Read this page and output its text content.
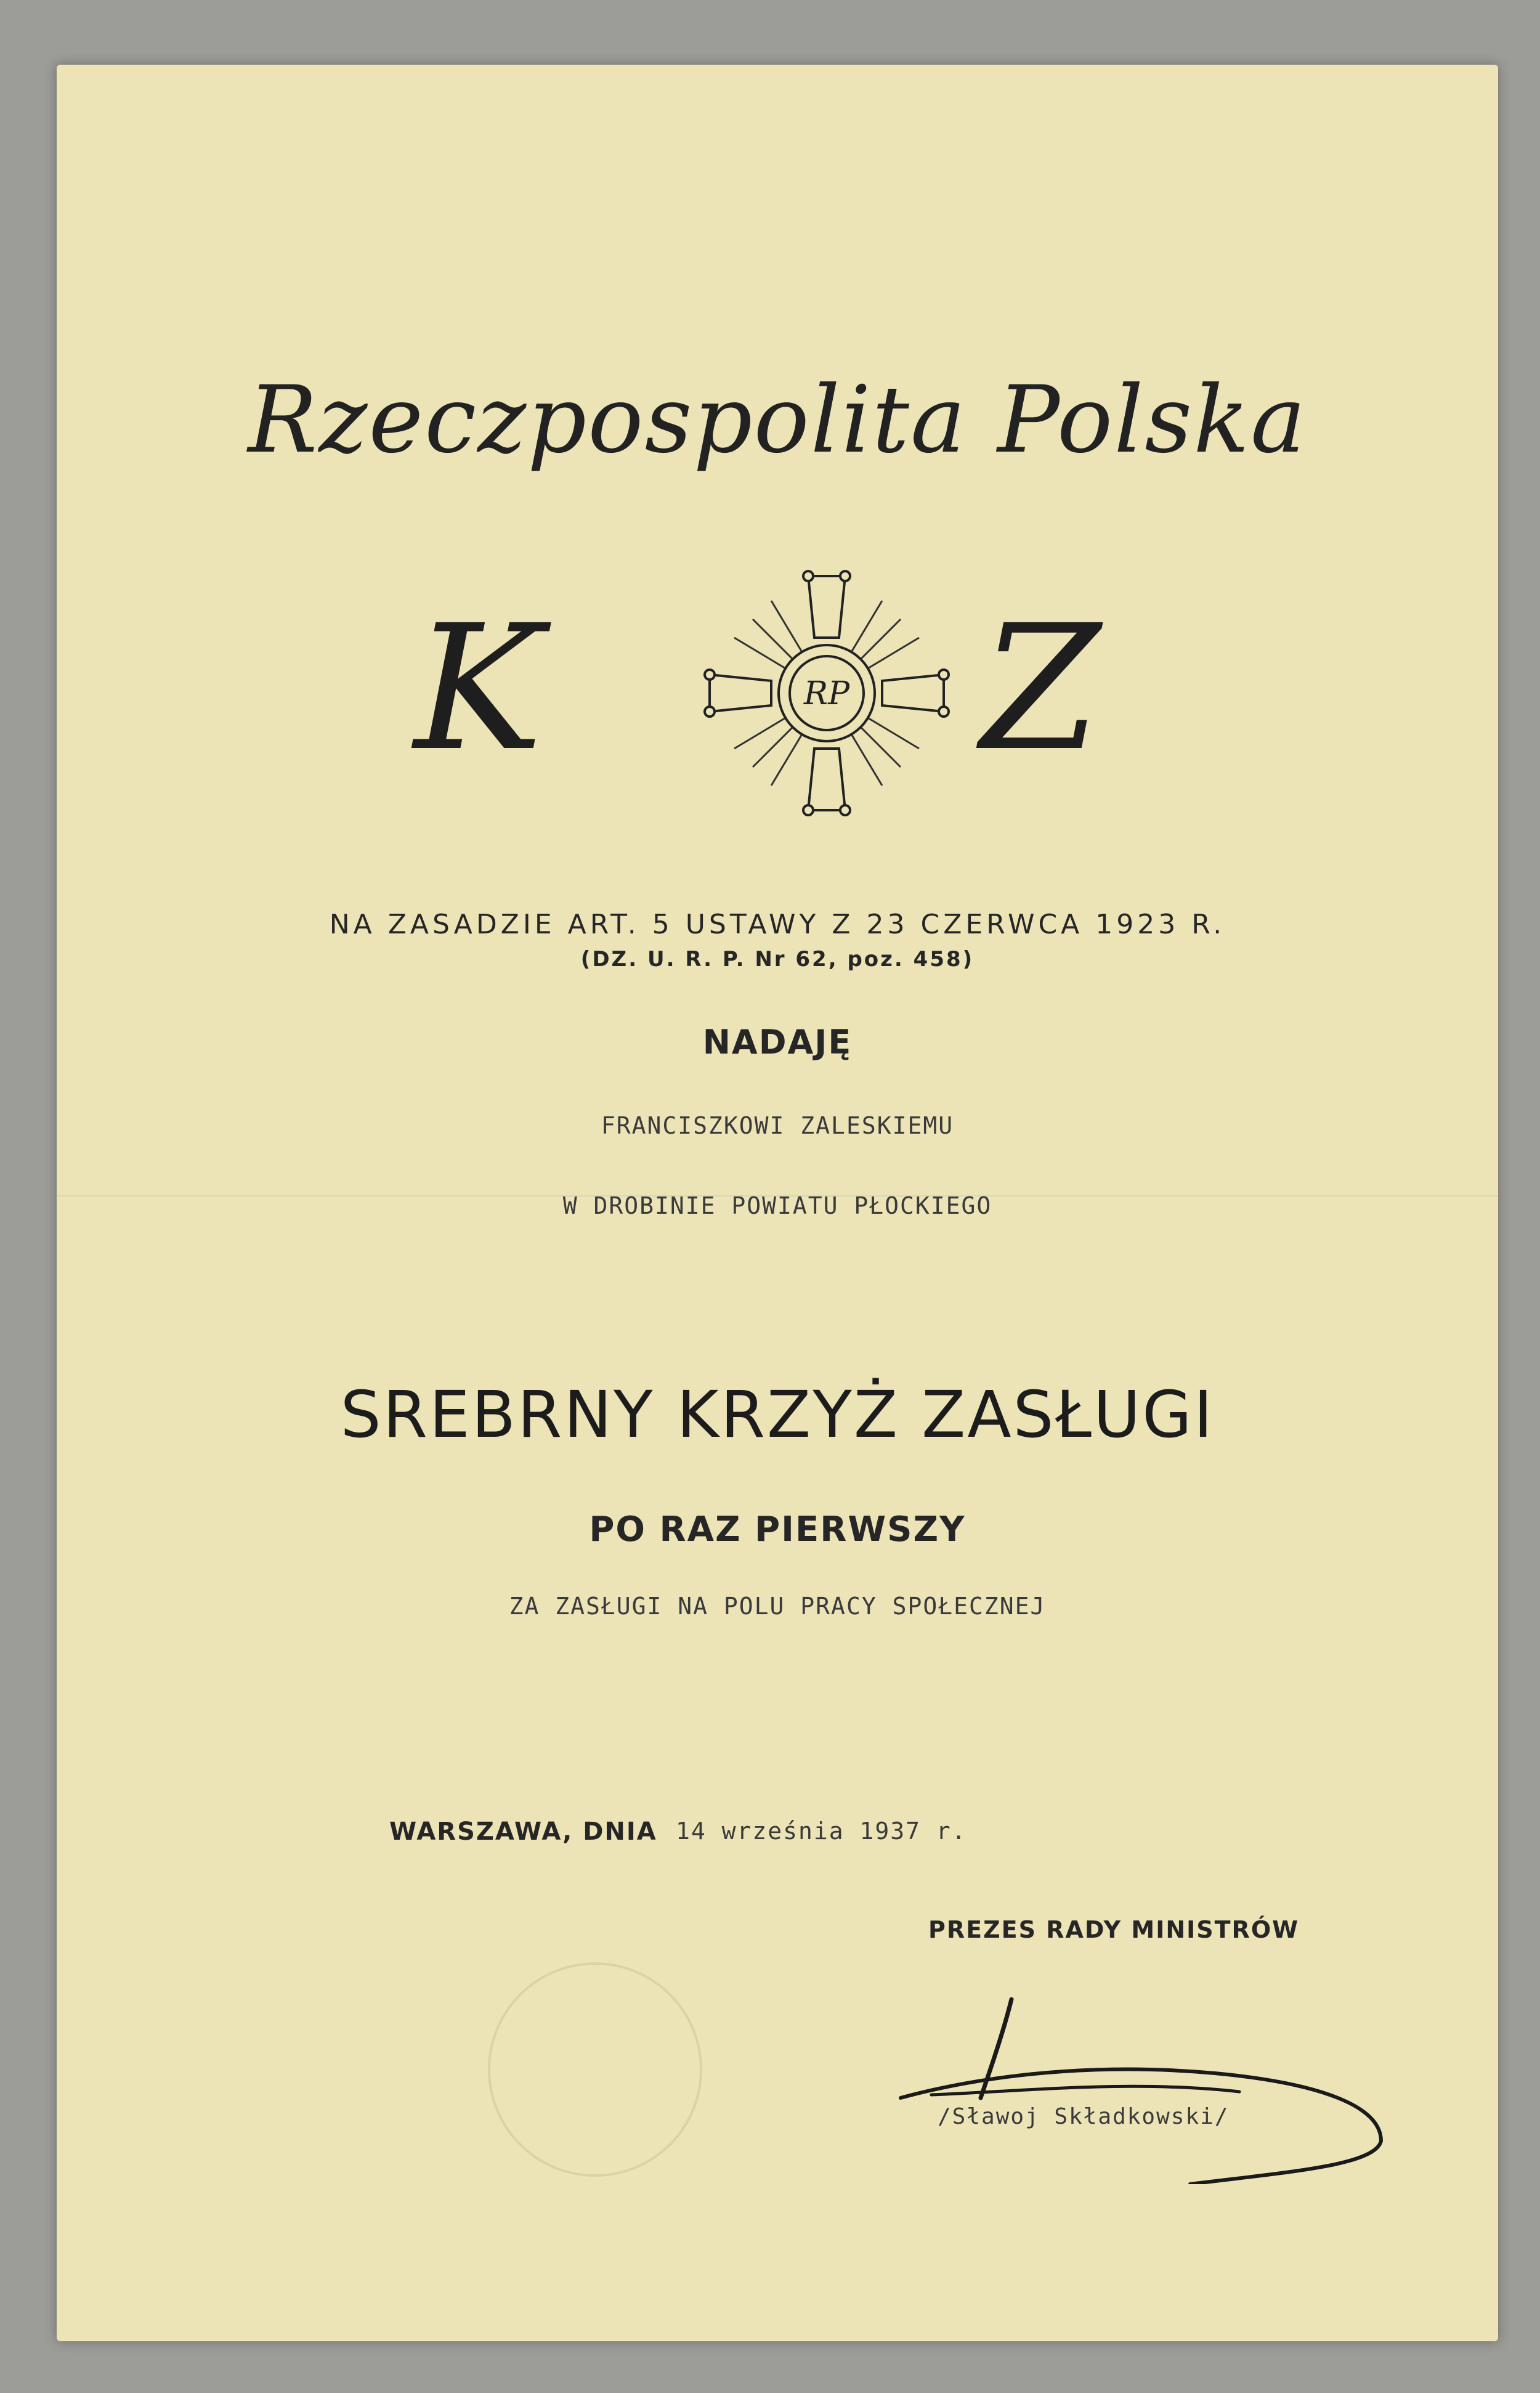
Rzeczpospolita Polska
K	RP Z
NA ZASADZIE ART. 5 USTAWY Z 23 CZERWCA 1923 R.
(DZ. U. R. P. Nr 62, poz. 458)
NADAJĘ
FRANCISZKOWI ZALESKIEMU
W DROBINIE POWIATU PŁOCKIEGO
SREBRNY KRZYŻ ZASŁUGI
PO RAZ PIERWSZY
ZA ZASŁUGI NA POLU PRACY SPOŁECZNEJ
WARSZAWA, DNIA 14 września 1937 r.
PREZES RADY MINISTRÓW
/Sławoj Składkowski/
